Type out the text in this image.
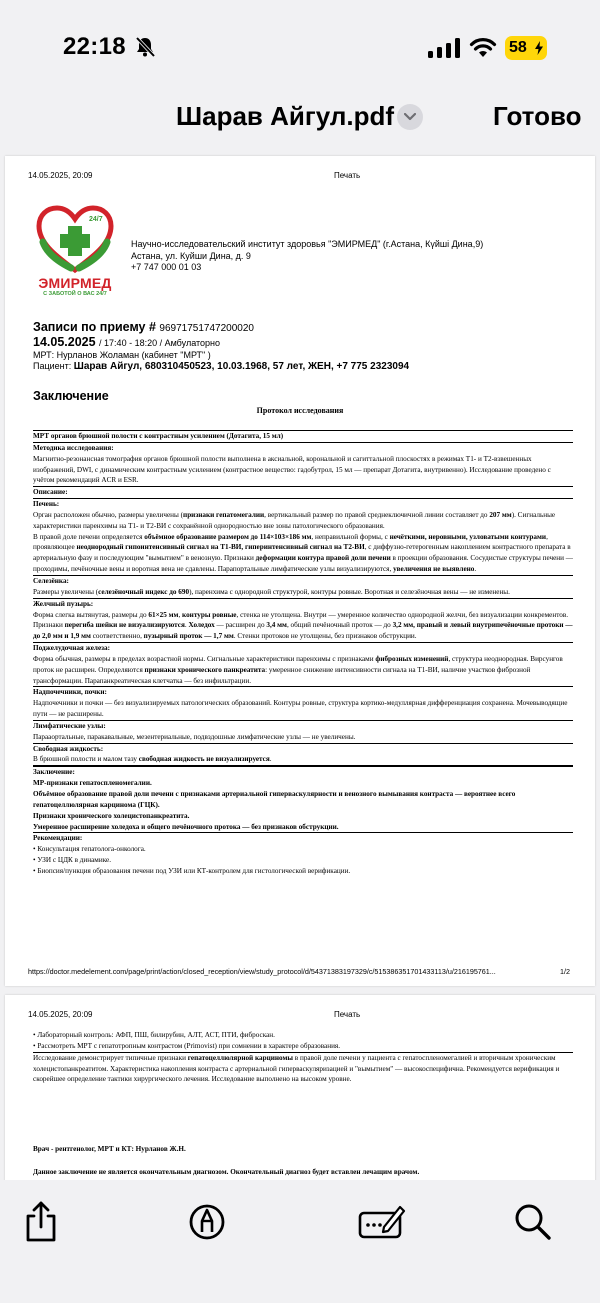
22:18	58
Шарав Айгул.pdf	Готово
14.05.2025, 20:09	Печать
24/7
ЭМИРМЕД
С ЗАБОТОЙ О ВАС 24/7
Научно-исследовательский институт здоровья "ЭМИРМЕД" (г.Астана, Күйші Дина,9)
Астана, ул. Куйши Дина, д. 9
+7 747 000 01 03
Записи по приему # 96971751747200020
14.05.2025 / 17:40 - 18:20 / Амбулаторно
МРТ: Нурланов Жоламан (кабинет "МРТ" )
Пациент: Шарав Айгул, 680310450523, 10.03.1968, 57 лет, ЖЕН, +7 775 2323094
Заключение
Протокол исследования
МРТ органов брюшной полости с контрастным усилением (Дотагита, 15 мл)
Методика исследования:
Магнитно-резонансная томография органов брюшной полости выполнена в аксиальной, корональной и сагиттальной плоскостях в режимах Т1- и Т2-взвешенных изображений, DWI, с динамическим контрастным усилением (контрастное вещество: гадобутрол, 15 мл — препарат Дотагита, внутривенно). Исследование проведено с учётом рекомендаций ACR и ESR.
Описание:
Печень:
Орган расположен обычно, размеры увеличены (признаки гепатомегалии, вертикальный размер по правой среднеключичной линии составляет до 207 мм). Сигнальные характеристики паренхимы на Т1- и Т2-ВИ с сохранённой однородностью вне зоны патологического образования.
В правой доле печени определяется объёмное образование размером до 114×103×186 мм, неправильной формы, с нечёткими, неровными, узловатыми контурами, проявляющее неоднородный гипоинтенсивный сигнал на Т1-ВИ, гиперинтенсивный сигнал на Т2-ВИ, с диффузно-гетерогенным накоплением контрастного препарата в артериальную фазу и последующим "вымытием" в венозную. Признаки деформации контура правой доли печени в проекции образования. Сосудистые структуры печени — проходимы, печёночные вены и воротная вена не сдавлены. Парапортальные лимфатические узлы визуализируются, увеличения не выявлено.
Селезёнка:
Размеры увеличены (селезёночный индекс до 690), паренхима с однородной структурой, контуры ровные. Воротная и селезёночная вены — не изменены.
Желчный пузырь:
Форма слегка вытянутая, размеры до 61×25 мм, контуры ровные, стенка не утолщена. Внутри — умеренное количество однородной желчи, без визуализации конкрементов. Признаки перегиба шейки не визуализируются. Холедох — расширен до 3,4 мм, общий печёночный проток — до 3,2 мм, правый и левый внутрипечёночные протоки — до 2,0 мм и 1,9 мм соответственно, пузырный проток — 1,7 мм. Стенки протоков не утолщены, без признаков обструкции.
Поджелудочная железа:
Форма обычная, размеры в пределах возрастной нормы. Сигнальные характеристики паренхимы с признаками фиброзных изменений, структура неоднородная. Вирсунгов проток не расширен. Определяются признаки хронического панкреатита: умеренное снижение интенсивности сигнала на Т1-ВИ, наличие участков фиброзной трансформации. Парапанкреатическая клетчатка — без инфильтрации.
Надпочечники, почки:
Надпочечники и почки — без визуализируемых патологических образований. Контуры ровные, структура кортико-медуллярная дифференциация сохранена. Мочевыводящие пути — не расширены.
Лимфатические узлы:
Парааортальные, паракавальные, мезентериальные, подвздошные лимфатические узлы — не увеличены.
Свободная жидкость:
В брюшной полости и малом тазу свободная жидкость не визуализируется.
Заключение:
МР-признаки гепатоспленомегалии.
Объёмное образование правой доли печени с признаками артериальной гиперваскулярности и венозного вымывания контраста — вероятнее всего гепатоцеллюлярная карцинома (ГЦК).
Признаки хронического холецистопанкреатита.
Умеренное расширение холедоха и общего печёночного протока — без признаков обструкции.
Рекомендации:
• Консультация гепатолога-онколога.
• УЗИ с ЦДК в динамике.
• Биопсия/пункция образования печени под УЗИ или КТ-контролем для гистологической верификации.
https://doctor.medelement.com/page/print/action/closed_reception/view/study_protocol/d/54371383197329/c/515386351701433113/u/216195761...	1/2
14.05.2025, 20:09	Печать
• Лабораторный контроль: АФП, ПШ, билирубин, АЛТ, АСТ, ПТИ, фиброскан.
• Рассмотреть МРТ с гепатотропным контрастом (Primovist) при сомнении в характере образования.
Исследование демонстрирует типичные признаки гепатоцеллюлярной карциномы в правой доле печени у пациента с гепатоспленомегалией и вторичным хроническим холецистопанкреатитом. Характеристика накопления контраста с артериальной гиперваскуляризацией и "вымытием" — высокоспецифична. Рекомендуется верификация и скорейшее определение тактики хирургического лечения. Исследование выполнено на высоком уровне.
Врач - рентгенолог, МРТ и КТ: Нурланов Ж.Н.
Данное заключение не является окончательным диагнозом. Окончательный диагноз будет вставлен лечащим врачом.
